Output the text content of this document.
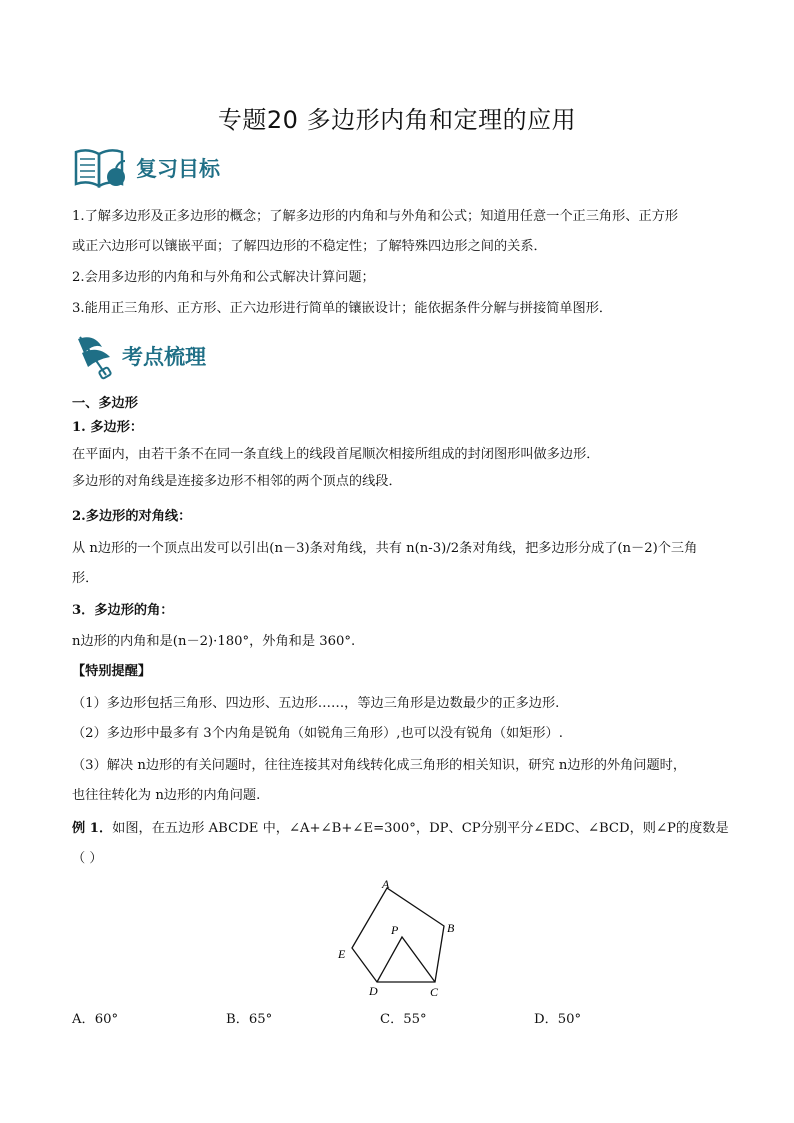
专题20 多边形内角和定理的应用
复习目标
1.了解多边形及正多边形的概念；了解多边形的内角和与外角和公式；知道用任意一个正三角形、正方形
或正六边形可以镶嵌平面；了解四边形的不稳定性；了解特殊四边形之间的关系．
2.会用多边形的内角和与外角和公式解决计算问题；
3.能用正三角形、正方形、正六边形进行简单的镶嵌设计；能依据条件分解与拼接简单图形．
考点梳理
一、多边形
1. 多边形：
在平面内，由若干条不在同一条直线上的线段首尾顺次相接所组成的封闭图形叫做多边形．
多边形的对角线是连接多边形不相邻的两个顶点的线段．
2.多边形的对角线：
从 n边形的一个顶点出发可以引出(n－3)条对角线，共有 n(n-3)/2条对角线，把多边形分成了(n－2)个三角
形．
3．多边形的角：
n边形的内角和是(n－2)·180°，外角和是 360°.
【特别提醒】
（1）多边形包括三角形、四边形、五边形……，等边三角形是边数最少的正多边形.
（2）多边形中最多有 3个内角是锐角（如锐角三角形）,也可以没有锐角（如矩形）.
（3）解决 n边形的有关问题时，往往连接其对角线转化成三角形的相关知识，研究 n边形的外角问题时，
也往往转化为 n边形的内角问题.
例 1．如图，在五边形 ABCDE 中，∠A+∠B+∠E=300°，DP、CP分别平分∠EDC、∠BCD，则∠P的度数是
（ ）
A
B
C
D
E
P
A．60°	B．65°	C．55°	D．50°
